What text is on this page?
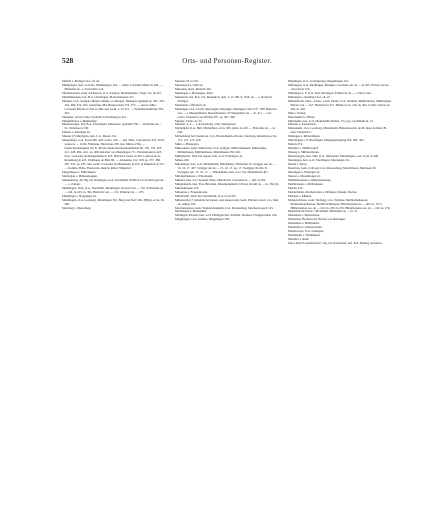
528	Orts- und Personen-Register.

Molfelt s. Batinger hof. oli. sir.

Mömpelgart, herr. A.O.Stz. Memmingen 134. — mine: Conrades Miller in 260. — Haltesine de - e. Fourwelbs von.

Mendelbeuren, Gem. Alchausen, O.A. Saulgau, Mendelbeurre. Wigta vol. de 457.

Mendlinhausen, hof. B.A. Überlingen. Menzelshausen 471.

Mengen, O.A. Saulgau, Mägin. Meing, er. Mengen, Meingen oppidum sp. 305. 352. 354. 384. 474. 505. Gemeinde 384. Burgerschaft 374. 375. — sancti. milie: Conrades Mariae in 334, in 384. und sacht. C. in 312. — Wihelmistenklöster 362. 361.

Menkeler, service dma. Elsabeth de Kurzburg in 421.

Menkelshuwe s. Mekkelsfur.

Mennewanger, hof, B.A. Überlingen, Meniwanc oppidum 330. — Haltarine de — St. Christian in 330.

Menzer s. Reitinger sir.

Menzer (?) Meyingen, herr. L.G. Meran 134.

Mergenthau, G.A. Koch 296. 444. ecclia. 236. — ehr. Tulle, Conradus in 316. Wolf-wraus de — in 96. Nittmann, Hartwinus 230. (nu. Mirrus 236). — Deutschordensspital zur St. Maria, Deutschordenskommende 90. 150. 170. 220. 221. 428. 484. rectr. sp. 408. Reichert von Mengingen 171. Ehersteinsen in 425. fere.: Conrades de Mergentheim in 425. Haltarine Vecke in 425. Ludewicus de Rohenberg in 425. Walthuere de Bulz 80. — Johanniter 122. 108. sp. 337. 386. 387. 333. sp. 435. 444. recktr. Conrades de Hohenberg in 425. in Rukerten in 315. — Kemlin, Haba, Fusslewin, Rezich, Rilrel, Wiganich.

Mergelingen s. Mitrelingen.

Merhaigan s. Mährenbeugen.

Merklenberg, abr. Bg. bei Nedlingen, O.A. Kirchheim. Fridrich von Zollern gecom. — s. Zollern.

Merklingen, Dorf, O.A. Nordheim, Merklingen. Konrad von — 132. Eckhardus de — mil. in 223, in. 396. Heinrich von — 132. Walterus de — 105.

Merklinger s. Boppinger sir.

Merklingen, O.A. Leonberg, Merklingen 361. Burg und Dorf 166. 288(2). eccla. 69. 490.

Mersburg s. Meersburg.

Mersner, H. in 252.

Mernasserd s. Odin sir.

Messelen, nnyn. Reinold 443.

Messingen s. Mössingen, Rohr.

Messkirch, hof. B.A. Stz. Messkirch. pleb. C. in 189. fr. Walt. de — s. Rottweil Prediger.

Metzelöne s. Brushart sir.

Metzingen, O.A. Urach, Mezzingen, Mezzigin, Meningen villa 273°, 389. Heinrich von — s. Mergenthulen, Deutschordens. H. Merganthre de — in. 211 — rect. ecclia. Ernestus (von Wittlis) 307. sp. 307. 389.

Menzer, Chuno in. 53.

Michael, S. k — s. Ravensburg, Ulm, Weingarten.

Michelfeld, O.A. Hall, Michelfeld. eccla. 365. plebs. in 410. — Haltarine de — in. 246.

Michelsberg bei Cleebronn, O.A. Brackenheim, Kloster, Salzburg, Rohelberg eccla. 172. 174. 175. 429.

Mikro s. Binsadorn.

Mikroshaus, Gem. Sültzerrain, O.A. Saulgau. Mülwelshausen, Miltinsshus, Miltinshusen, Mültinehusen, Miltenhusen 258. 262.

Millenbruch, Thur bei Uppen, hofr. A.O. Freiburg in 21.

Mösne 269.

Mindelberg, herr. A.O. Mindelheim, Mindelberg. Haltarinus St. Swigger sen de — 15. 16. 17. 407. Swigger ten de — 15. 16. 17. ag. 17. Sweigger tm mil. St. Sweigger sen. 15. 16. 17. — Mindelheim, herr. A.O. Stz. Mindelheim 407.

Mindgsillemaus s. Wittenbeun.

Minfeld, herr. A.O. Kandel, Pfalz, Mundewill. Conradus de — mil. in 362.

Minghabeide, herr. B.A. Bruchsal, Mundgeldeheim. Ulricus Krastil de — in. 362 (2).

Minnenhausen 476.

Missertne s. Frauenkloster.

Mittelbersh, Wolf. Rot Ornatheim, O.A. Crail 347.

Mittenweile (? vielleicht bei Isener- und Ausserwald, Gem. Päwteul, Ared. L.G. Imst an. nahes) 134.

Mochausaugen, Gem. Wolperwhosheim, O.A. Ravensburg. Mochenwonsch 123.

Mochlsaine s. Menzelitus.

Mödingen, Kloster, herr. A.O. Dillingen 461. Preditin. Prumsal. Predigerraitres 236.

Mögglingen, O.A. Gmünd, Mögglingen 359.

Möglingen, O.A. Ludwigsburg, Meginlingen 161.

Mökringen, O.A. Riedlingen, Murigen. Conradus adr. de — in 305. Ulricus servus advocati in 276.

Möhringen s. P. O.A. Sulz. Möringen. Fridericus de — s. Horn oder.

Möhringer s. Reitinger hof. oli. sir.

Möllenbronn, Ober-, Unter-, Gem. Ennitz, O.A. Weildau, Mülibrunnen, Mülbrunnen. Herren von — 417. Berthold in 417. Heinricus in. 136. in. 404. in 445. Ulricus in. 404. in. 445.

Mön s. Ermen.

Mönchekriid s. Hürel.

Mönsheim, herr. A.O. Diekelsdahl, Baden, S.S. pye. Gichtheim in. 21.

Mönster s. Kernesbach.

Mörnsheim, O.A. Leonberg, Mörnsheim. Haltarinus mil. de M. mere de Rietz B. anar. Elisabeth C.

Mösingen s. Mitterdingen.

Mörckingen s. P. Riedlingen, Mörgingebergung 302. 382. 362.

Mönch 274.

Montfort s. Mühlverdorf.

Montag s. Mühlweiberen.

Montarnogen, herr. Sulz, O.A. Oberndorf, Mesadingen. reot. eccla. in 409.

Montingen, herr. A.O. Nördlingen, Montingen 211.

Mouru s. Moos.

Montrian, Gem. Zollvogl, O.A. Ravensburg, Morchlinsen, Morlnsen 30.

Morungen s. Moringer sir.

Mosser s. Mossmingen sir.

Molltenbrunnen s. Mölpertshausen.

Mollbrunnen s. Mölbrunnen.

Molder 216.

Molderfelder, Molderirunnt s. Dilingen; Dauam, Nachar.

Moldese s. Mähele.

Molperschhaus, Gem. Wolfegg, O.A. Waldsee, Molbruthehausen, Mollerdsholzhausen, Molbinrichthausen. Hildebrandus de — mil. in. 1373. Hildebrandus sea. de — mil. in. 256. in 276. Hildebrandus sea. de — mil. in. 276.

Molsheim im Elsass ? Molsheim. Haltarinus de — in. 51.

Molstetten s. Mitterselten.

Momelsen. Bonusus der Herren von Dettingen.

Momeltere s. Hildrindeul.

Mondelfert s. Mondorentirl.

Monbrucsen, O.A. Esslingen.

Monebeurh s. Wildmurktr.

Montfort s. Rohr.

Moos mand? Gohelsmatt (? abg. bei Ortsterdorf, hof. B.A. Baden), Amortior.
